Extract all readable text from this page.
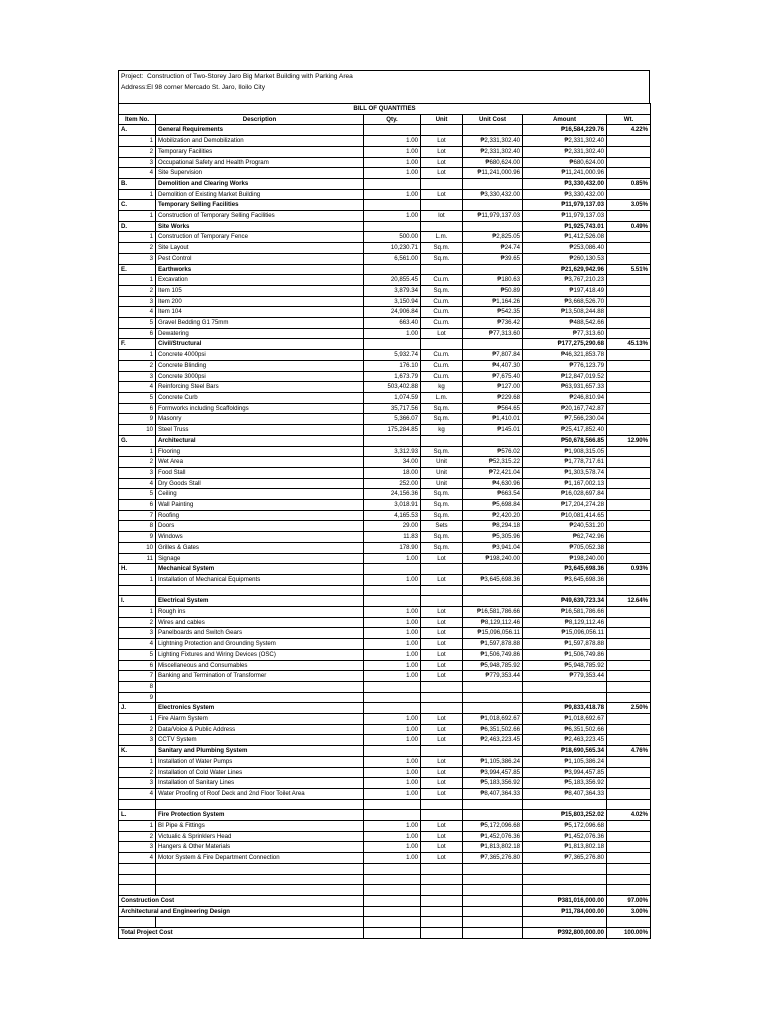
Project: Construction of Two-Storey Jaro Big Market Building with Parking Area
Address: El 98 corner Mercado St. Jaro, Iloilo City
BILL OF QUANTITIES						
Item No.	Description	Qty.	Unit	Unit Cost	Amount	Wt.
A.	General Requirements				₱16,584,229.76	4.22%
1	Mobilization and Demobilization	1.00	Lot	₱2,331,302.40	₱2,331,302.40	
2	Temporary Facilities	1.00	Lot	₱2,331,302.40	₱2,331,302.40	
3	Occupational Safety and Health Program	1.00	Lot	₱680,624.00	₱680,624.00	
4	Site Supervision	1.00	Lot	₱11,241,000.96	₱11,241,000.96	
B.	Demolition and Clearing Works				₱3,330,432.00	0.85%
1	Demolition of Existing Market Building	1.00	Lot	₱3,330,432.00	₱3,330,432.00	
C.	Temporary Selling Facilities				₱11,979,137.03	3.05%
1	Construction of Temporary Selling Facilities	1.00	lot	₱11,979,137.03	₱11,979,137.03	
D.	Site Works				₱1,925,743.01	0.49%
1	Construction of Temporary Fence	500.00	L.m.	₱2,825.05	₱1,412,526.08	
2	Site Layout	10,230.71	Sq.m.	₱24.74	₱253,086.40	
3	Pest Control	6,561.00	Sq.m.	₱39.65	₱260,130.53	
E.	Earthworks				₱21,629,942.96	5.51%
1	Excavation	20,855.45	Cu.m.	₱180.63	₱3,767,210.23	
2	Item 105	3,879.34	Sq.m.	₱50.89	₱197,418.49	
3	Item 200	3,150.94	Cu.m.	₱1,164.26	₱3,668,526.70	
4	Item 104	24,906.84	Cu.m.	₱542.35	₱13,508,244.88	
5	Gravel Bedding G1 75mm	663.40	Cu.m.	₱736.42	₱488,542.66	
6	Dewatering	1.00	Lot	₱77,313.60	₱77,313.60	
F.	Civil/Structural				₱177,275,290.68	45.13%
1	Concrete 4000psi	5,932.74	Cu.m.	₱7,807.84	₱46,321,853.78	
2	Concrete Blinding	176.10	Cu.m.	₱4,407.30	₱776,123.79	
3	Concrete 3000psi	1,673.79	Cu.m.	₱7,675.40	₱12,847,019.52	
4	Reinforcing Steel Bars	503,402.88	kg	₱127.00	₱63,931,657.33	
5	Concrete Curb	1,074.59	L.m.	₱229.68	₱246,810.94	
6	Formworks including Scaffoldings	35,717.56	Sq.m.	₱564.65	₱20,167,742.87	
9	Masonry	5,366.07	Sq.m.	₱1,410.01	₱7,566,230.04	
10	Steel Truss	175,284.85	kg	₱145.01	₱25,417,852.40	
G.	Architectural				₱50,678,566.85	12.90%
1	Flooring	3,312.93	Sq.m.	₱576.02	₱1,908,315.05	
2	Wet Area	34.00	Unit	₱52,315.22	₱1,778,717.61	
3	Food Stall	18.00	Unit	₱72,421.04	₱1,303,578.74	
4	Dry Goods Stall	252.00	Unit	₱4,630.96	₱1,167,002.13	
5	Ceiling	24,156.36	Sq.m.	₱663.54	₱16,028,697.84	
6	Wall Painting	3,018.91	Sq.m.	₱5,698.84	₱17,204,274.28	
7	Roofing	4,165.53	Sq.m.	₱2,420.20	₱10,081,414.65	
8	Doors	29.00	Sets	₱8,294.18	₱240,531.20	
9	Windows	11.83	Sq.m.	₱5,305.96	₱62,742.96	
10	Grilles & Gates	178.90	Sq.m.	₱3,941.04	₱705,052.38	
11	Signage	1.00	Lot	₱198,240.00	₱198,240.00	
H.	Mechanical System				₱3,645,698.36	0.93%
1	Installation of Mechanical Equipments	1.00	Lot	₱3,645,698.36	₱3,645,698.36	

I.	Electrical System				₱49,639,723.34	12.64%
1	Rough ins	1.00	Lot	₱16,581,786.66	₱16,581,786.66	
2	Wires and cables	1.00	Lot	₱8,129,112.46	₱8,129,112.46	
3	Panelboards and Switch Gears	1.00	Lot	₱15,096,056.11	₱15,096,056.11	
4	Lightning Protection and Grounding System	1.00	Lot	₱1,597,878.88	₱1,597,878.88	
5	Lighting Fixtures and Wiring Devices (OSC)	1.00	Lot	₱1,506,749.86	₱1,506,749.86	
6	Miscellaneous and Consumables	1.00	Lot	₱5,948,785.92	₱5,948,785.92	
7	Banking and Termination of Transformer	1.00	Lot	₱779,353.44	₱779,353.44	
8						
9						
J.	Electronics System				₱9,833,418.78	2.50%
1	Fire Alarm System	1.00	Lot	₱1,018,692.67	₱1,018,692.67	
2	Data/Voice & Public Address	1.00	Lot	₱6,351,502.66	₱6,351,502.66	
3	CCTV System	1.00	Lot	₱2,463,223.45	₱2,463,223.45	
K.	Sanitary and Plumbing System				₱18,690,565.34	4.76%
1	Installation of Water Pumps	1.00	Lot	₱1,105,386.24	₱1,105,386.24	
2	Installation of Cold Water Lines	1.00	Lot	₱3,994,457.85	₱3,994,457.85	
3	Installation of Sanitary Lines	1.00	Lot	₱5,183,356.92	₱5,183,356.92	
4	Water Proofing of Roof Deck and 2nd Floor Toilet Area	1.00	Lot	₱8,407,364.33	₱8,407,364.33	

L.	Fire Protection System				₱15,803,252.02	4.02%
1	BI Pipe & Fittings	1.00	Lot	₱5,172,096.68	₱5,172,096.68	
2	Victualic & Sprinklers Head	1.00	Lot	₱1,452,076.36	₱1,452,076.36	
3	Hangers & Other Materials	1.00	Lot	₱1,813,802.18	₱1,813,802.18	
4	Motor System & Fire Department Connection	1.00	Lot	₱7,365,276.80	₱7,365,276.80	

Construction Cost					₱381,016,000.00	97.00%
Architectural and Engineering Design					₱11,784,000.00	3.00%

Total Project Cost					₱392,800,000.00	100.00%
